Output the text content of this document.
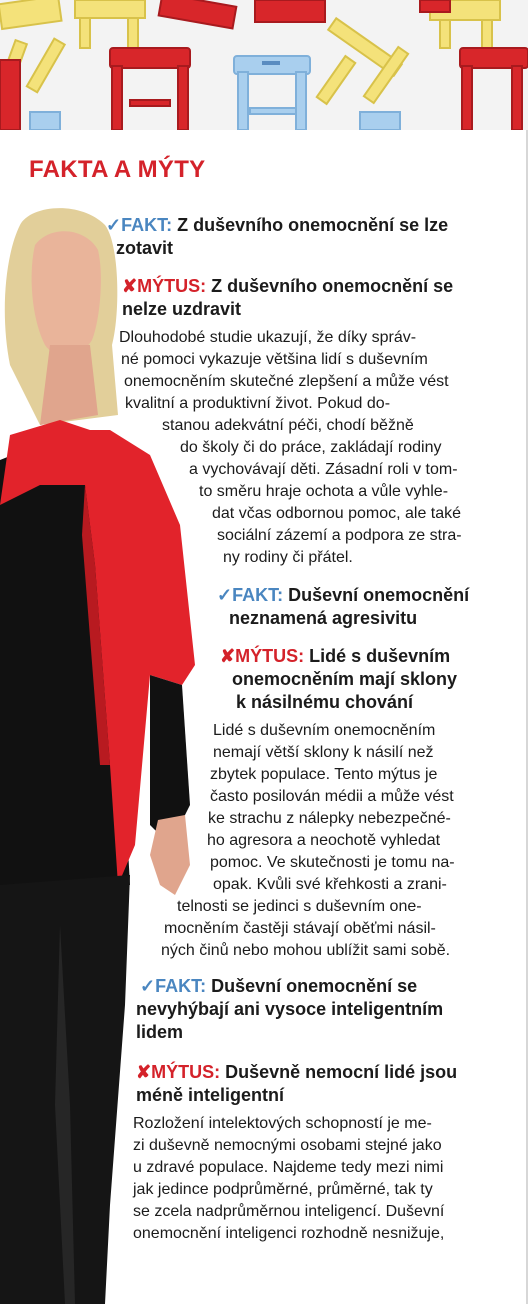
FAKTA A MÝTY
✓FAKT: Z duševního onemocnění se lze
zotavit
✘MÝTUS: Z duševního onemocnění se
nelze uzdravit
Dlouhodobé studie ukazují, že díky správ-
né pomoci vykazuje většina lidí s duševním
onemocněním skutečné zlepšení a může vést
kvalitní a produktivní život. Pokud do-
stanou adekvátní péči, chodí běžně
do školy či do práce, zakládají rodiny
a vychovávají děti. Zásadní roli v tom-
to směru hraje ochota a vůle vyhle-
dat včas odbornou pomoc, ale také
sociální zázemí a podpora ze stra-
ny rodiny či přátel.
✓FAKT: Duševní onemocnění
neznamená agresivitu
✘MÝTUS: Lidé s duševním
onemocněním mají sklony
k násilnému chování
Lidé s duševním onemocněním
nemají větší sklony k násilí než
zbytek populace. Tento mýtus je
často posilován médii a může vést
ke strachu z nálepky nebezpečné-
ho agresora a neochotě vyhledat
pomoc. Ve skutečnosti je tomu na-
opak. Kvůli své křehkosti a zrani-
telnosti se jedinci s duševním one-
mocněním častěji stávají oběťmi násil-
ných činů nebo mohou ublížit sami sobě.
✓FAKT: Duševní onemocnění se
nevyhýbají ani vysoce inteligentním
lidem
✘MÝTUS: Duševně nemocní lidé jsou
méně inteligentní
Rozložení intelektových schopností je me-
zi duševně nemocnými osobami stejné jako
u zdravé populace. Najdeme tedy mezi nimi
jak jedince podprůměrné, průměrné, tak ty
se zcela nadprůměrnou inteligencí. Duševní
onemocnění inteligenci rozhodně nesnižuje,
